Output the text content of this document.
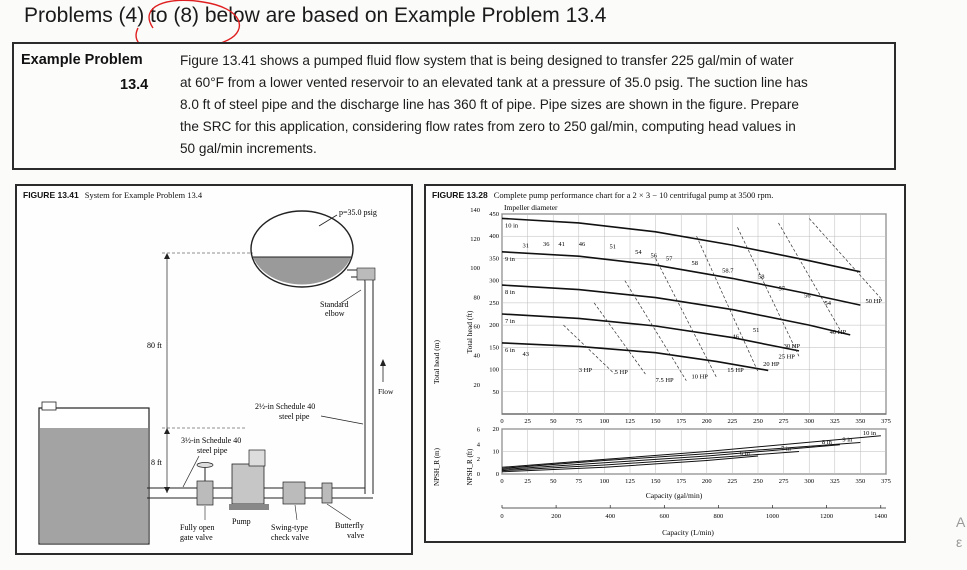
Problems (4) to (8) below are based on Example Problem 13.4
Example Problem
13.4
Figure 13.41 shows a pumped fluid flow system that is being designed to transfer 225 gal/min of water
at 60°F from a lower vented reservoir to an elevated tank at a pressure of 35.0 psig. The suction line has
8.0 ft of steel pipe and the discharge line has 360 ft of pipe. Pipe sizes are shown in the figure. Prepare
the SRC for this application, considering flow rates from zero to 250 gal/min, computing head values in
50 gal/min increments.
FIGURE 13.41 System for Example Problem 13.4
p=35.0 psig
Standard
elbow
Flow
80 ft
8 ft
Pump
2½-in Schedule 40
steel pipe
3½-in Schedule 40
steel pipe
Fully open
gate valve
Swing-type
check valve
Butterfly
valve
FIGURE 13.28 Complete pump performance chart for a 2 × 3 − 10 centrifugal pump at 3500 rpm.
Impeller diameter
Total head (m)
Total head (ft)
NPSH_R (m)	NPSH_R (ft)
Capacity (gal/min)
Capacity (L/min)
0
0
25
25
50
50
75
75
100
100
125
125
150
150
175
175
200
200
225
225
250
250
275
275
300
300
325
325
350
350
375
375
50
100
150
200
250
300
350
400
450
20
40
60
80
100
120
140
0
10
20
0
2
4
6
0	200	400	600	800	1000	1200	1400
10 in
9 in
8 in
7 in
6 in
6 in
7 in
8 in 9 in
10 in
31 36 41 46	51
54
56 57
58
58.7
58
57
56
54
51
46
43
3 HP	5 HP
7.5 HP
10 HP
15 HP
20 HP
25 HP
30 HP
40 HP
50 HP
A
ε
